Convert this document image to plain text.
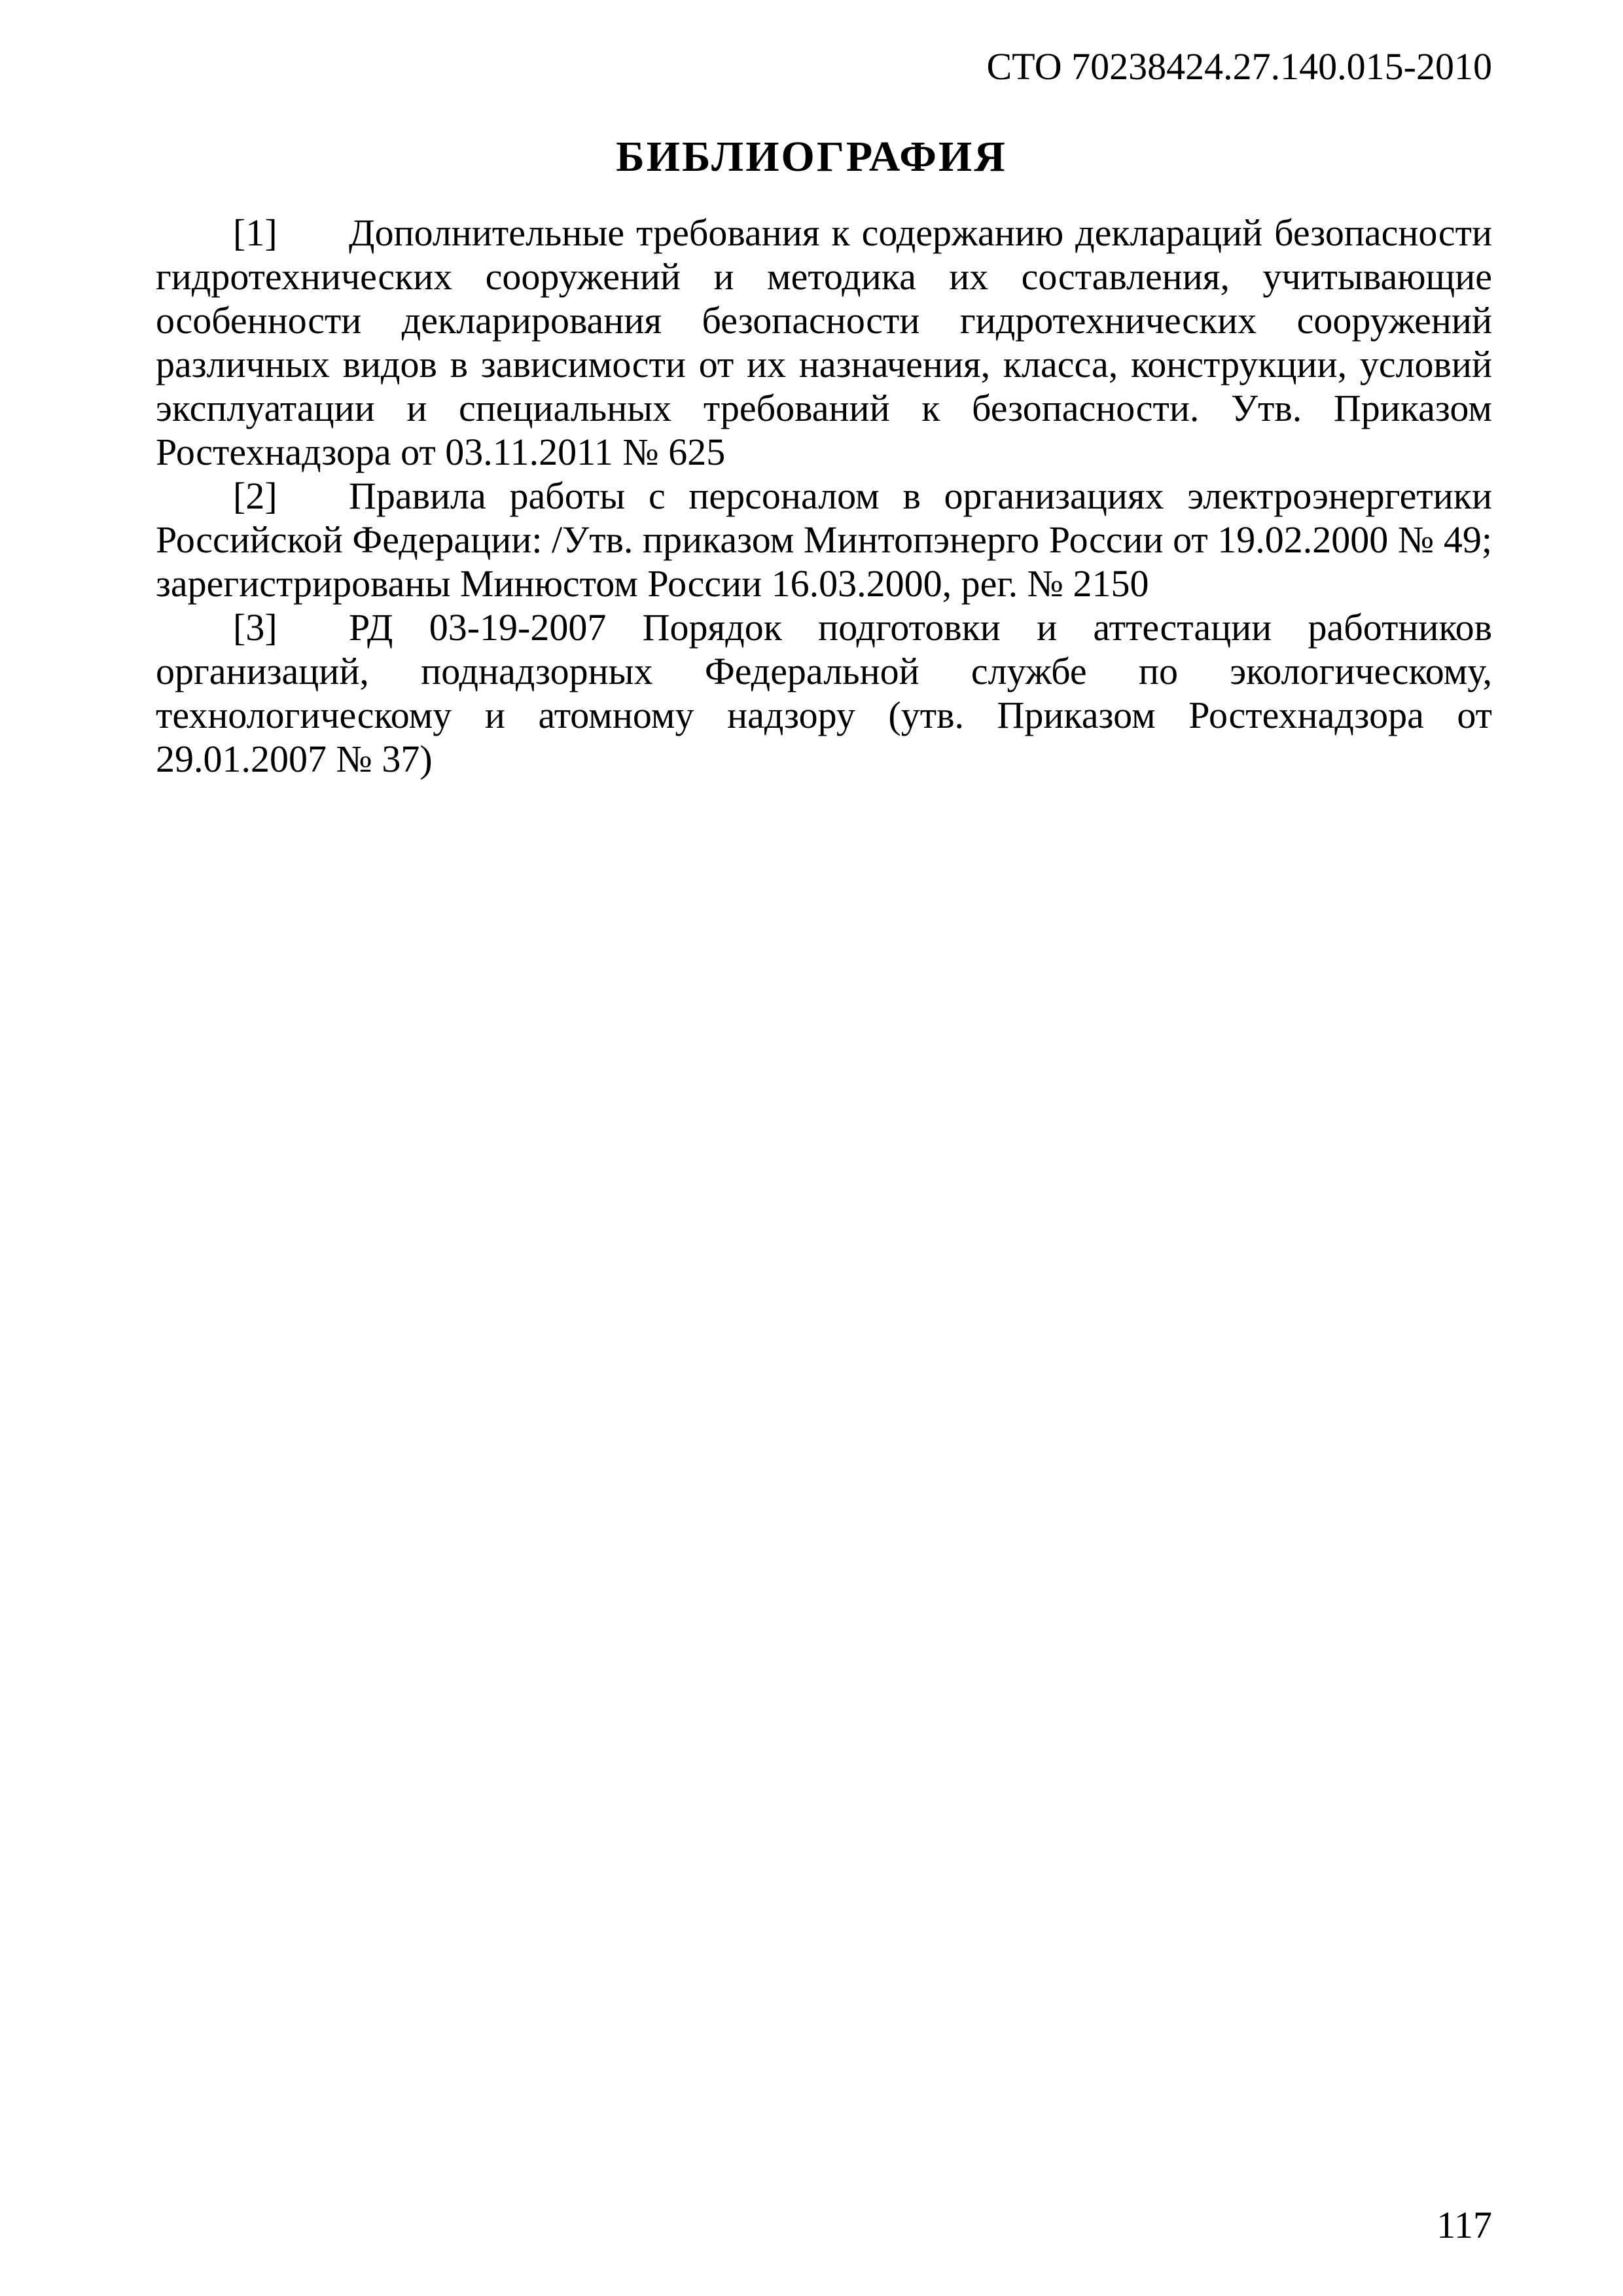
СТО 70238424.27.140.015-2010
БИБЛИОГРАФИЯ
[1] Дополнительные требования к содержанию деклараций безопасности гидротехнических сооружений и методика их составления, учитывающие особенности декларирования безопасности гидротехнических сооружений различных видов в зависимости от их назначения, класса, конструкции, условий эксплуатации и специальных требований к безопасности. Утв. Приказом Ростехнадзора от 03.11.2011 № 625
[2] Правила работы с персоналом в организациях электроэнергетики Российской Федерации: /Утв. приказом Минтопэнерго России от 19.02.2000 № 49; зарегистрированы Минюстом России 16.03.2000, рег. № 2150
[3] РД 03-19-2007 Порядок подготовки и аттестации работников организаций, поднадзорных Федеральной службе по экологическому, технологическому и атомному надзору (утв. Приказом Ростехнадзора от 29.01.2007 № 37)
117
